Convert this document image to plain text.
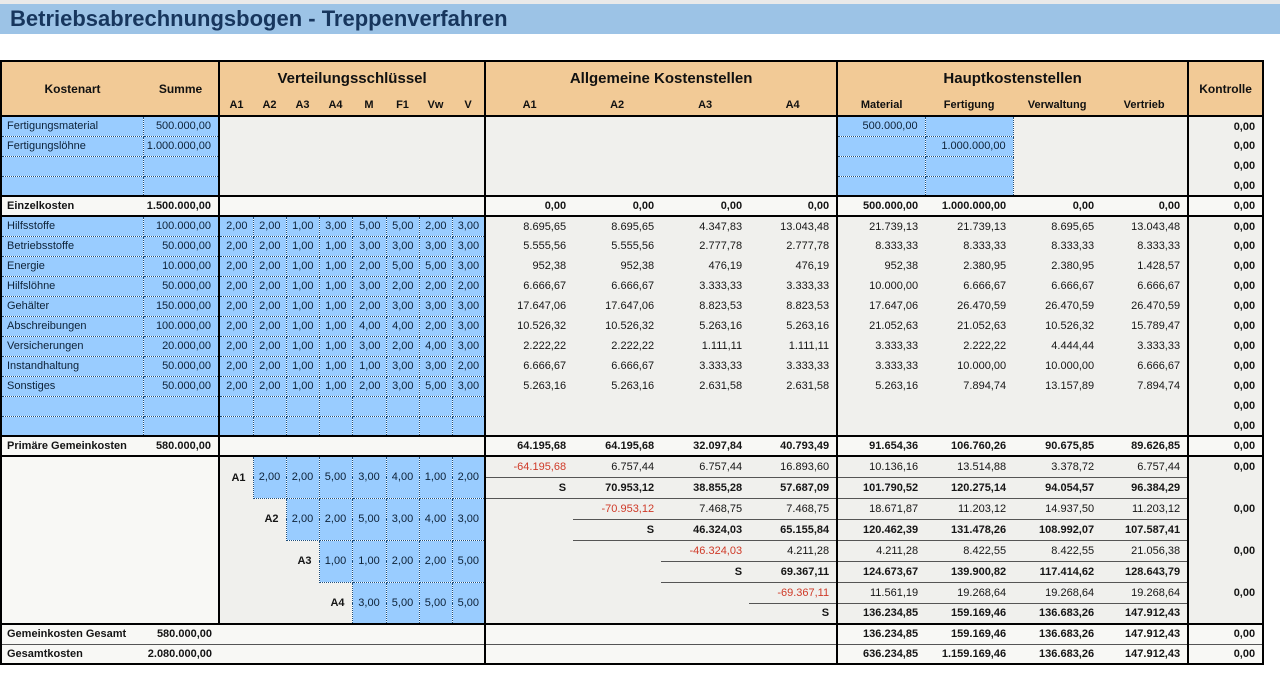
Betriebsabrechnungsbogen - Treppenverfahren
Kostenart	Summe	Verteilungsschlüssel								Allgemeine Kostenstellen				Hauptkostenstellen				Kontrolle
		A1	A2	A3	A4	M	F1	Vw	V	A1	A2	A3	A4	Material	Fertigung	Verwaltung	Vertrieb	
Fertigungsmaterial	500.000,00													500.000,00				0,00
Fertigungslöhne	1.000.000,00														1.000.000,00			0,00
																		0,00
																		0,00
Einzelkosten	1.500.000,00									0,00	0,00	0,00	0,00	500.000,00	1.000.000,00	0,00	0,00	0,00
Hilfsstoffe	100.000,00	2,00	2,00	1,00	3,00	5,00	5,00	2,00	3,00	8.695,65	8.695,65	4.347,83	13.043,48	21.739,13	21.739,13	8.695,65	13.043,48	0,00
Betriebsstoffe	50.000,00	2,00	2,00	1,00	1,00	3,00	3,00	3,00	3,00	5.555,56	5.555,56	2.777,78	2.777,78	8.333,33	8.333,33	8.333,33	8.333,33	0,00
Energie	10.000,00	2,00	2,00	1,00	1,00	2,00	5,00	5,00	3,00	952,38	952,38	476,19	476,19	952,38	2.380,95	2.380,95	1.428,57	0,00
Hilfslöhne	50.000,00	2,00	2,00	1,00	1,00	3,00	2,00	2,00	2,00	6.666,67	6.666,67	3.333,33	3.333,33	10.000,00	6.666,67	6.666,67	6.666,67	0,00
Gehälter	150.000,00	2,00	2,00	1,00	1,00	2,00	3,00	3,00	3,00	17.647,06	17.647,06	8.823,53	8.823,53	17.647,06	26.470,59	26.470,59	26.470,59	0,00
Abschreibungen	100.000,00	2,00	2,00	1,00	1,00	4,00	4,00	2,00	3,00	10.526,32	10.526,32	5.263,16	5.263,16	21.052,63	21.052,63	10.526,32	15.789,47	0,00
Versicherungen	20.000,00	2,00	2,00	1,00	1,00	3,00	2,00	4,00	3,00	2.222,22	2.222,22	1.111,11	1.111,11	3.333,33	2.222,22	4.444,44	3.333,33	0,00
Instandhaltung	50.000,00	2,00	2,00	1,00	1,00	1,00	3,00	3,00	2,00	6.666,67	6.666,67	3.333,33	3.333,33	3.333,33	10.000,00	10.000,00	6.666,67	0,00
Sonstiges	50.000,00	2,00	2,00	1,00	1,00	2,00	3,00	5,00	3,00	5.263,16	5.263,16	2.631,58	2.631,58	5.263,16	7.894,74	13.157,89	7.894,74	0,00
																		0,00
																		0,00
Primäre Gemeinkosten	580.000,00									64.195,68	64.195,68	32.097,84	40.793,49	91.654,36	106.760,26	90.675,85	89.626,85	0,00
		A1	2,00	2,00	5,00	3,00	4,00	1,00	2,00	-64.195,68	6.757,44	6.757,44	16.893,60	10.136,16	13.514,88	3.378,72	6.757,44	0,00
										S	70.953,12	38.855,28	57.687,09	101.790,52	120.275,14	94.054,57	96.384,29	
			A2	2,00	2,00	5,00	3,00	4,00	3,00		-70.953,12	7.468,75	7.468,75	18.671,87	11.203,12	14.937,50	11.203,12	0,00
											S	46.324,03	65.155,84	120.462,39	131.478,26	108.992,07	107.587,41	
				A3	1,00	1,00	2,00	2,00	5,00			-46.324,03	4.211,28	4.211,28	8.422,55	8.422,55	21.056,38	0,00
												S	69.367,11	124.673,67	139.900,82	117.414,62	128.643,79	
					A4	3,00	5,00	5,00	5,00				-69.367,11	11.561,19	19.268,64	19.268,64	19.268,64	0,00
													S	136.234,85	159.169,46	136.683,26	147.912,43	
Gemeinkosten Gesamt	580.000,00													136.234,85	159.169,46	136.683,26	147.912,43	0,00
Gesamtkosten	2.080.000,00													636.234,85	1.159.169,46	136.683,26	147.912,43	0,00
